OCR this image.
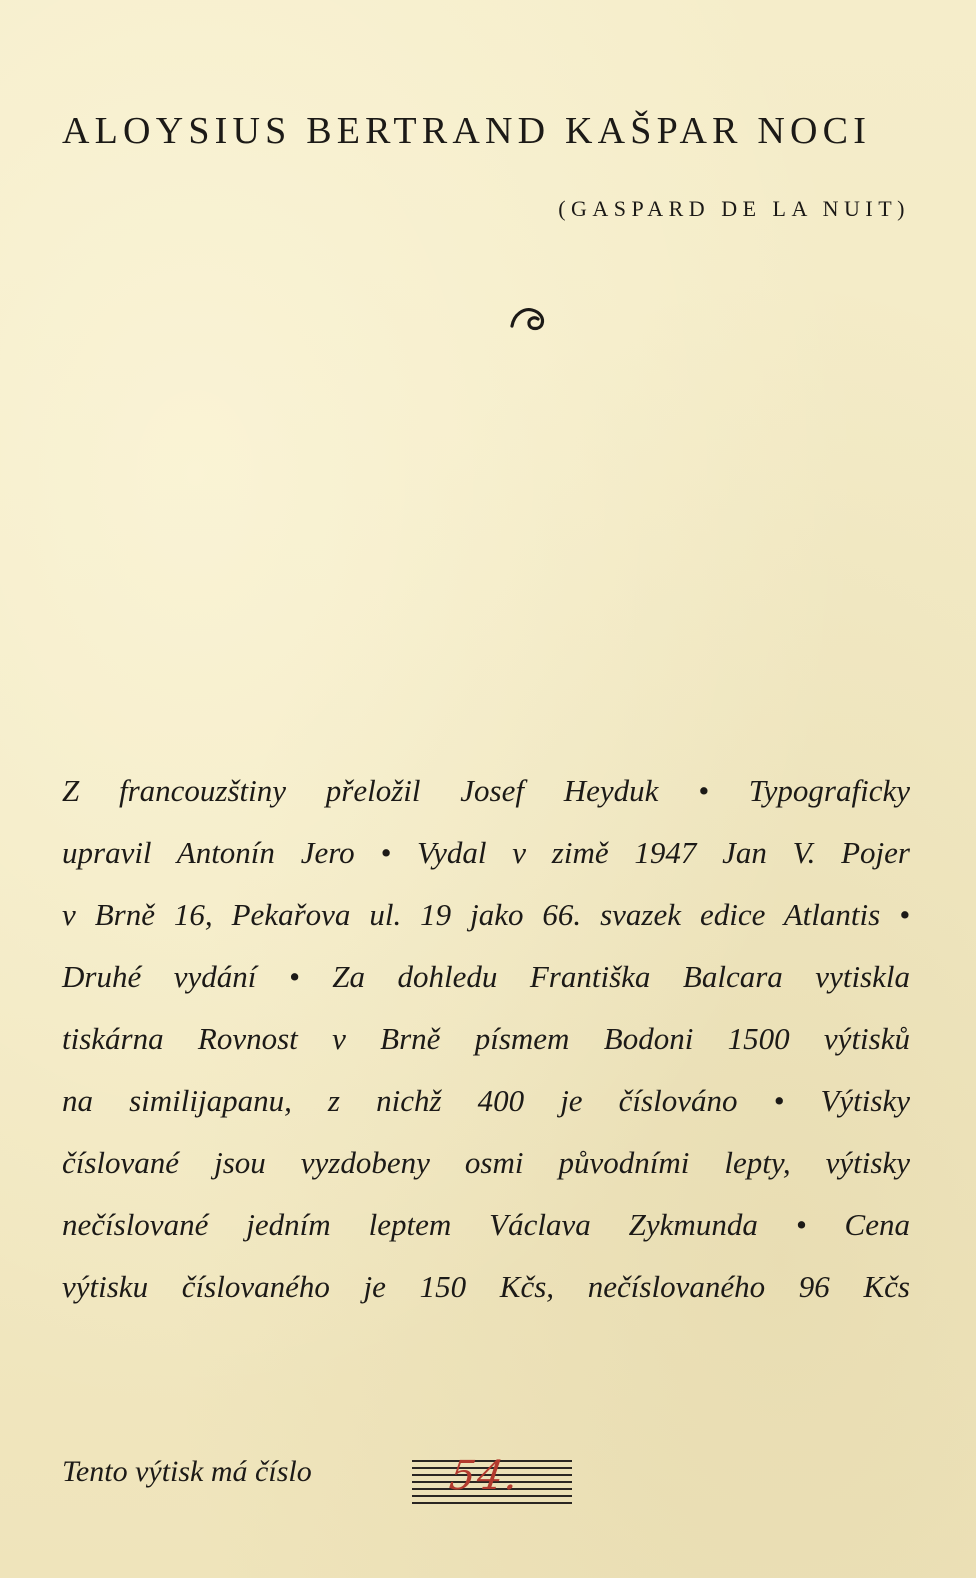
ALOYSIUS BERTRAND KAŠPAR NOCI
(GASPARD DE LA NUIT)
Z francouzštiny přeložil Josef Heyduk • Typograficky
upravil Antonín Jero • Vydal v zimě 1947 Jan V. Pojer
v Brně 16, Pekařova ul. 19 jako 66. svazek edice Atlantis •
Druhé vydání • Za dohledu Františka Balcara vytiskla
tiskárna Rovnost v Brně písmem Bodoni 1500 výtisků
na similijapanu, z nichž 400 je číslováno • Výtisky
číslované jsou vyzdobeny osmi původními lepty, výtisky
nečíslované jedním leptem Václava Zykmunda • Cena
výtisku číslovaného je 150 Kčs, nečíslovaného 96 Kčs
Tento výtisk má číslo	54.
